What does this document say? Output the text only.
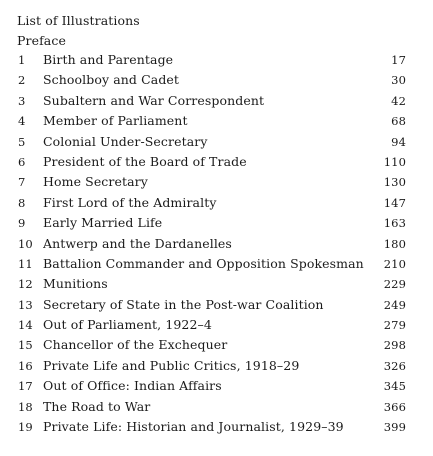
List of Illustrations
Preface
1	Birth and Parentage	17
2	Schoolboy and Cadet	30
3	Subaltern and War Correspondent	42
4	Member of Parliament	68
5	Colonial Under-Secretary	94
6	President of the Board of Trade	110
7	Home Secretary	130
8	First Lord of the Admiralty	147
9	Early Married Life	163
10 Antwerp and the Dardanelles	180
11 Battalion Commander and Opposition Spokesman	210
12 Munitions	229
13 Secretary of State in the Post-war Coalition	249
14 Out of Parliament, 1922–4	279
15 Chancellor of the Exchequer	298
16 Private Life and Public Critics, 1918–29	326
17 Out of Office: Indian Affairs	345
18 The Road to War	366
19 Private Life: Historian and Journalist, 1929–39	399
